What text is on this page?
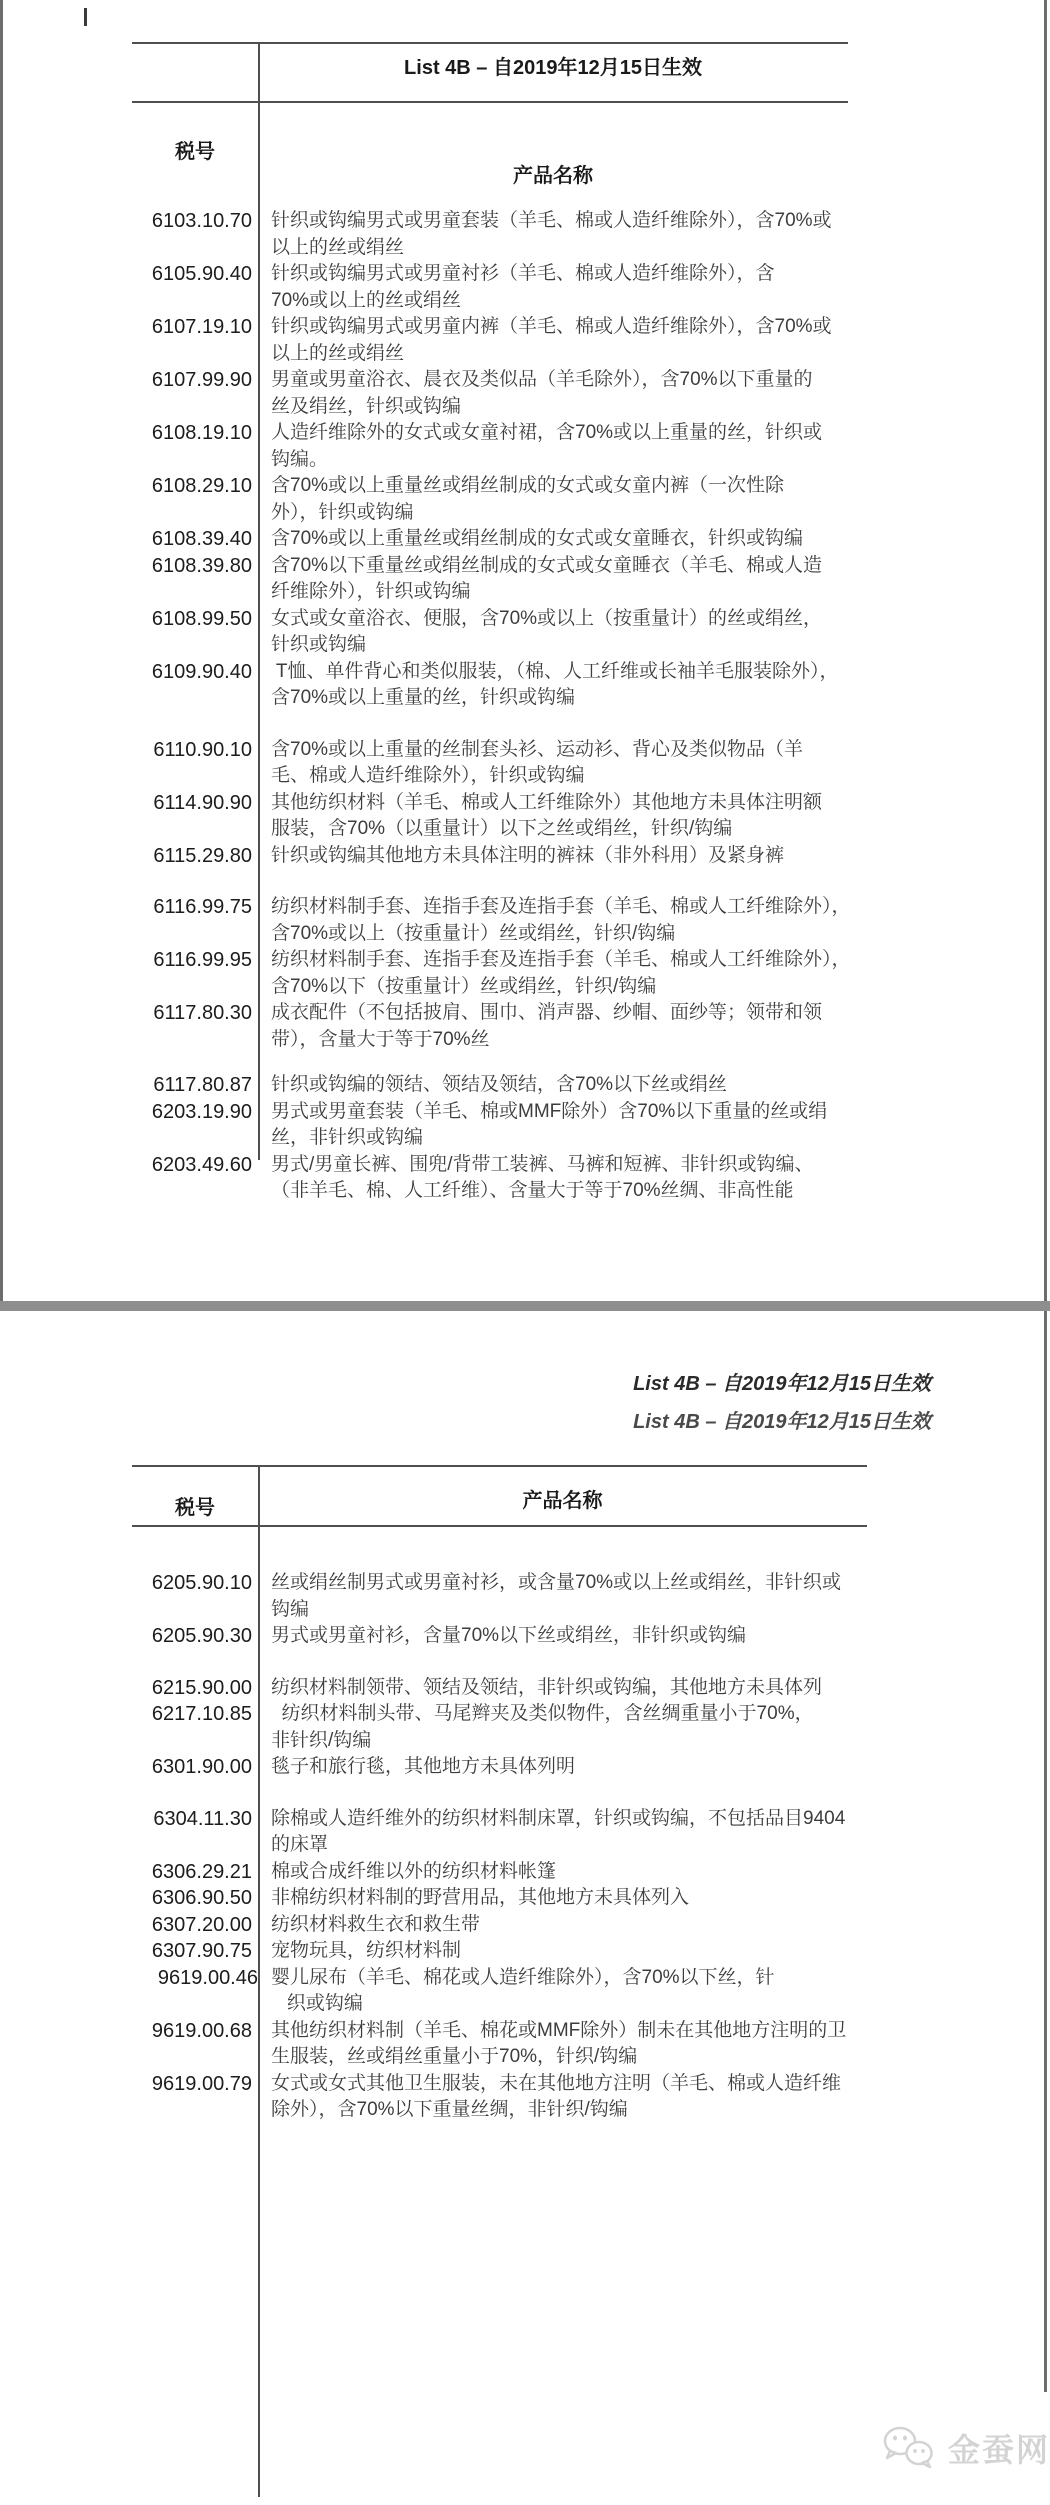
List 4B – 自2019年12月15日生效
税号
产品名称
6103.10.70	针织或钩编男式或男童套装（羊毛、棉或人造纤维除外），含70%或
以上的丝或绢丝
6105.90.40	针织或钩编男式或男童衬衫（羊毛、棉或人造纤维除外），含
70%或以上的丝或绢丝
6107.19.10	针织或钩编男式或男童内裤（羊毛、棉或人造纤维除外），含70%或
以上的丝或绢丝
6107.99.90	男童或男童浴衣、晨衣及类似品（羊毛除外），含70%以下重量的
丝及绢丝，针织或钩编
6108.19.10	人造纤维除外的女式或女童衬裙，含70%或以上重量的丝，针织或
钩编。
6108.29.10	含70%或以上重量丝或绢丝制成的女式或女童内裤（一次性除
外），针织或钩编
6108.39.40	含70%或以上重量丝或绢丝制成的女式或女童睡衣，针织或钩编
6108.39.80	含70%以下重量丝或绢丝制成的女式或女童睡衣（羊毛、棉或人造
纤维除外），针织或钩编
6108.99.50	女式或女童浴衣、便服，含70%或以上（按重量计）的丝或绢丝，
针织或钩编
6109.90.40	T恤、单件背心和类似服装，（棉、人工纤维或长袖羊毛服装除外），
含70%或以上重量的丝，针织或钩编
6110.90.10	含70%或以上重量的丝制套头衫、运动衫、背心及类似物品（羊
毛、棉或人造纤维除外），针织或钩编
6114.90.90	其他纺织材料（羊毛、棉或人工纤维除外）其他地方未具体注明额
服装，含70%（以重量计）以下之丝或绢丝，针织/钩编
6115.29.80	针织或钩编其他地方未具体注明的裤袜（非外科用）及紧身裤
6116.99.75	纺织材料制手套、连指手套及连指手套（羊毛、棉或人工纤维除外），
含70%或以上（按重量计）丝或绢丝，针织/钩编
6116.99.95	纺织材料制手套、连指手套及连指手套（羊毛、棉或人工纤维除外），
含70%以下（按重量计）丝或绢丝，针织/钩编
6117.80.30	成衣配件（不包括披肩、围巾、消声器、纱帽、面纱等；领带和领
带），含量大于等于70%丝
6117.80.87	针织或钩编的领结、领结及领结，含70%以下丝或绢丝
6203.19.90	男式或男童套装（羊毛、棉或MMF除外）含70%以下重量的丝或绢
丝，非针织或钩编
6203.49.60	男式/男童长裤、围兜/背带工装裤、马裤和短裤、非针织或钩编、
（非羊毛、棉、人工纤维）、含量大于等于70%丝绸、非高性能
List 4B – 自2019年12月15日生效
List 4B – 自2019年12月15日生效
税号	产品名称
6205.90.10	丝或绢丝制男式或男童衬衫，或含量70%或以上丝或绢丝，非针织或
钩编
6205.90.30	男式或男童衬衫，含量70%以下丝或绢丝，非针织或钩编
6215.90.00	纺织材料制领带、领结及领结，非针织或钩编，其他地方未具体列
6217.10.85	纺织材料制头带、马尾辫夹及类似物件，含丝绸重量小于70%，
非针织/钩编
6301.90.00	毯子和旅行毯，其他地方未具体列明
6304.11.30	除棉或人造纤维外的纺织材料制床罩，针织或钩编，不包括品目9404
的床罩
6306.29.21	棉或合成纤维以外的纺织材料帐篷
6306.90.50	非棉纺织材料制的野营用品，其他地方未具体列入
6307.20.00	纺织材料救生衣和救生带
6307.90.75	宠物玩具，纺织材料制
9619.00.46 婴儿尿布（羊毛、棉花或人造纤维除外），含70%以下丝，针
织或钩编
9619.00.68	其他纺织材料制（羊毛、棉花或MMF除外）制未在其他地方注明的卫
生服装，丝或绢丝重量小于70%，针织/钩编
9619.00.79	女式或女式其他卫生服装，未在其他地方注明（羊毛、棉或人造纤维
除外），含70%以下重量丝绸，非针织/钩编
金蚕网
